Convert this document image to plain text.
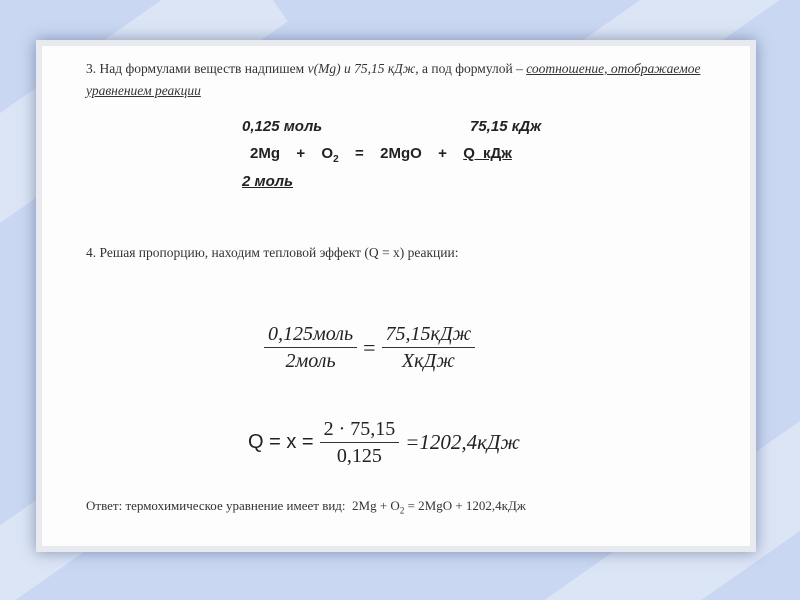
3. Над формулами веществ надпишем ν(Mg) и 75,15 кДж, а под формулой – соотношение, отображаемое уравнением реакции
0,125 моль	75,15 кДж
$2Mg + O_2 = 2MgO + Q$ кДж
2 моль
4. Решая пропорцию, находим тепловой эффект (Q = x) реакции:
$\frac{\text{0,125моль}}{\text{2моль}} = \frac{\text{75,15кДж}}{\text{XкДж}}$
$Q = x = \frac{2 \cdot 75,15}{0,125} =1202,4кДж$
Ответ: термохимическое уравнение имеет вид:  $2Mg + O_2 = 2MgO + 1202,4кДж$
